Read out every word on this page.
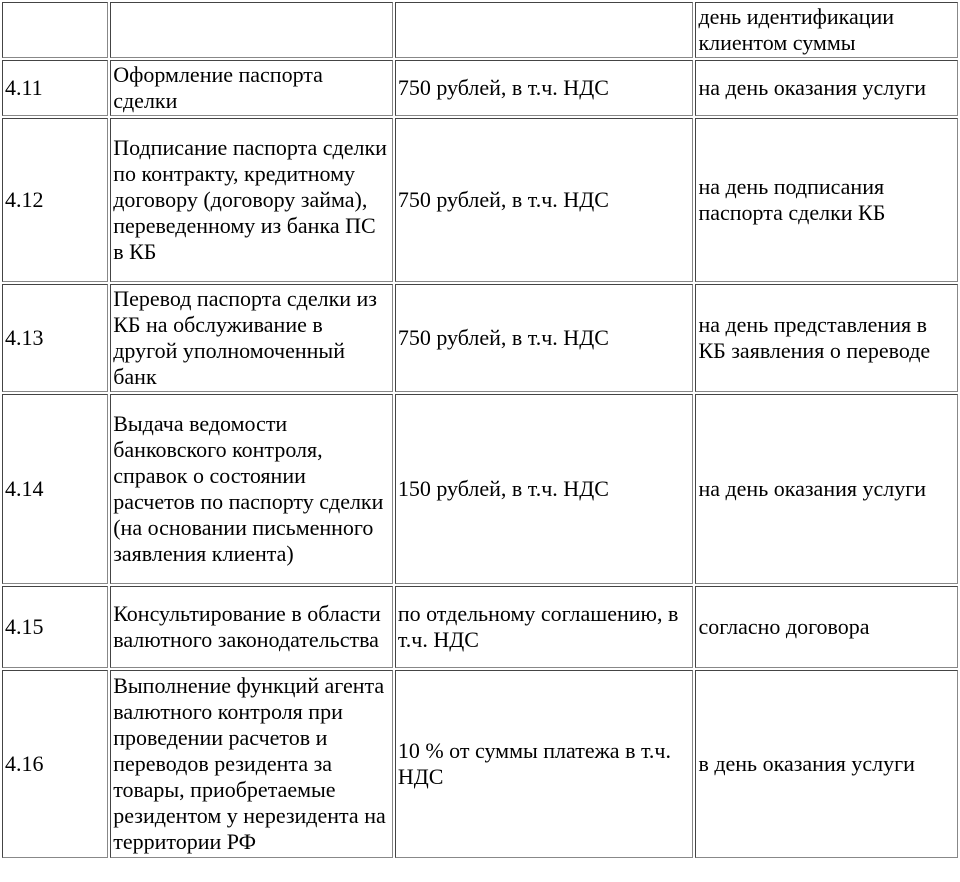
			день идентификации клиентом суммы

4.11	Оформление паспорта сделки	750 рублей, в т.ч. НДС	на день оказания услуги

4.12	Подписание паспорта сделки по контракту, кредитному договору (договору займа), переведенному из банка ПС в КБ	750 рублей, в т.ч. НДС	на день подписания паспорта сделки КБ

4.13	Перевод паспорта сделки из КБ на обслуживание в другой уполномоченный банк	750 рублей, в т.ч. НДС	на день представления в КБ заявления о переводе

4.14	Выдача ведомости банковского контроля, справок о состоянии расчетов по паспорту сделки (на основании письменного заявления клиента)	150 рублей, в т.ч. НДС	на день оказания услуги

4.15	Консультирование в области валютного законодательства	по отдельному соглашению, в т.ч. НДС	согласно договора

4.16	Выполнение функций агента валютного контроля при проведении расчетов и переводов резидента за товары, приобретаемые резидентом у нерезидента на территории РФ	10 % от суммы платежа в т.ч. НДС	в день оказания услуги
